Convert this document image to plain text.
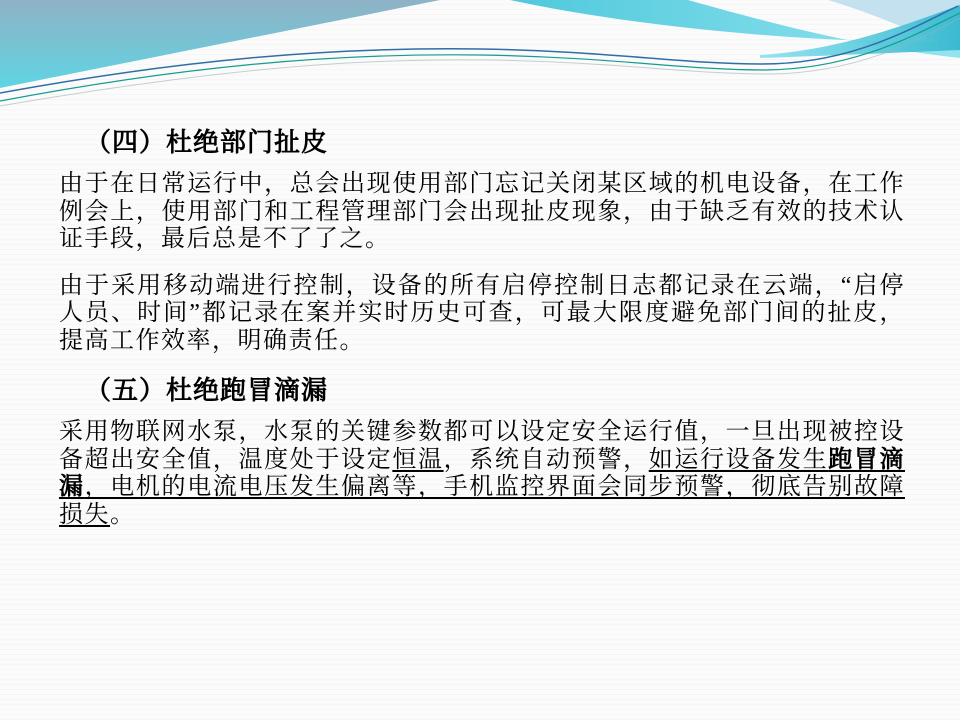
（四）杜绝部门扯皮

由于在日常运行中，总会出现使用部门忘记关闭某区域的机电设备，在工作例会上，使用部门和工程管理部门会出现扯皮现象，由于缺乏有效的技术认证手段，最后总是不了了之。

由于采用移动端进行控制，设备的所有启停控制日志都记录在云端，“启停人员、时间”都记录在案并实时历史可查，可最大限度避免部门间的扯皮，提高工作效率，明确责任。

（五）杜绝跑冒滴漏

采用物联网水泵，水泵的关键参数都可以设定安全运行值，一旦出现被控设备超出安全值，温度处于设定恒温，系统自动预警，如运行设备发生跑冒滴漏，电机的电流电压发生偏离等，手机监控界面会同步预警，彻底告别故障损失。
